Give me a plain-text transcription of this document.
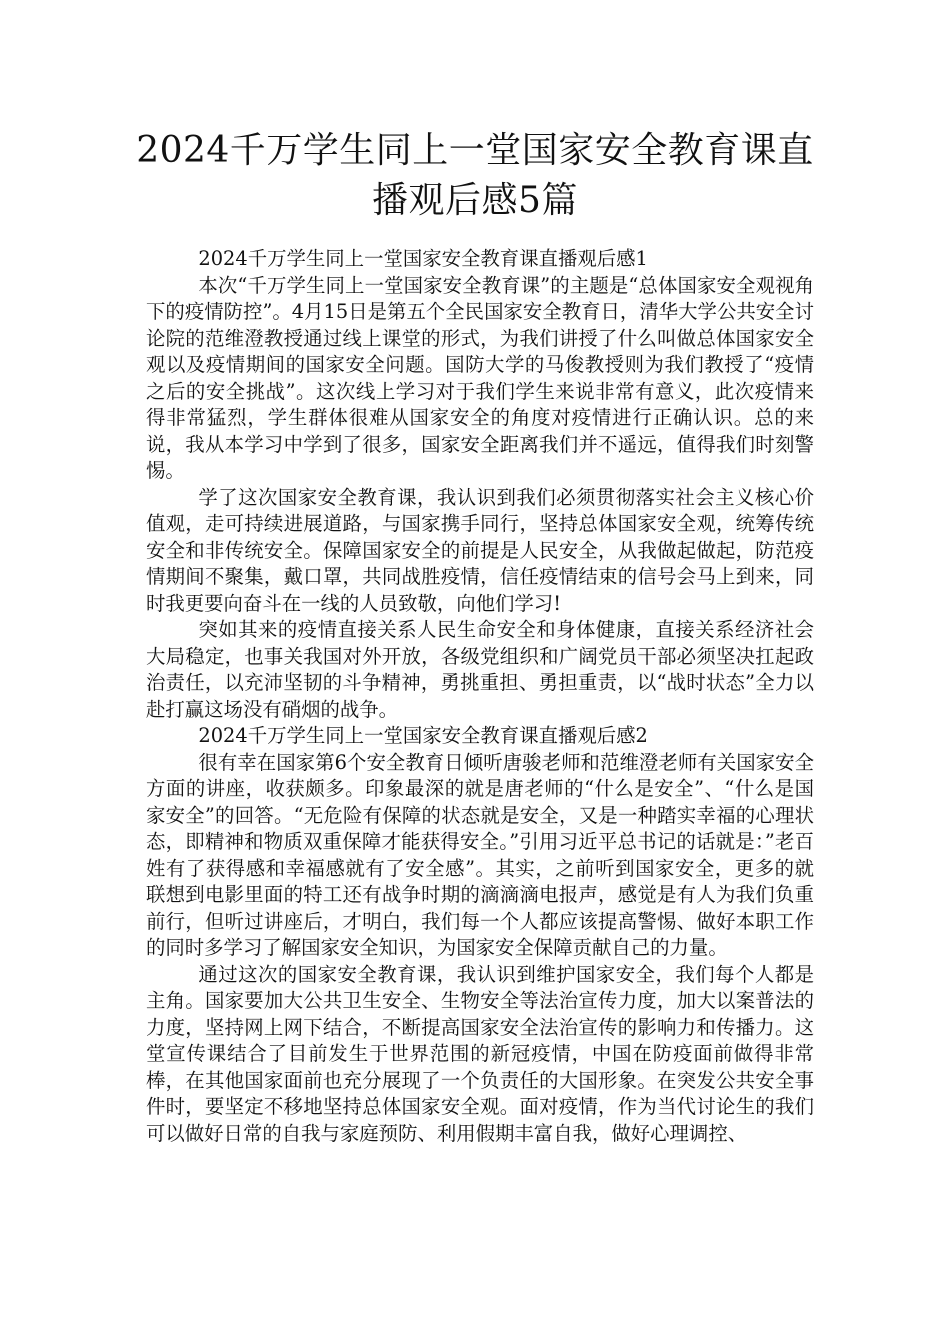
2024千万学生同上一堂国家安全教育课直
播观后感5篇

2024千万学生同上一堂国家安全教育课直播观后感1

本次“千万学生同上一堂国家安全教育课”的主题是“总体国家安全观视角下的疫情防控”。4月15日是第五个全民国家安全教育日，清华大学公共安全讨论院的范维澄教授通过线上课堂的形式，为我们讲授了什么叫做总体国家安全观以及疫情期间的国家安全问题。国防大学的马俊教授则为我们教授了“疫情之后的安全挑战”。这次线上学习对于我们学生来说非常有意义，此次疫情来得非常猛烈，学生群体很难从国家安全的角度对疫情进行正确认识。总的来说，我从本学习中学到了很多，国家安全距离我们并不遥远，值得我们时刻警惕。

学了这次国家安全教育课，我认识到我们必须贯彻落实社会主义核心价值观，走可持续进展道路，与国家携手同行，坚持总体国家安全观，统筹传统安全和非传统安全。保障国家安全的前提是人民安全，从我做起做起，防范疫情期间不聚集，戴口罩，共同战胜疫情，信任疫情结束的信号会马上到来，同时我更要向奋斗在一线的人员致敬，向他们学习!

突如其来的疫情直接关系人民生命安全和身体健康，直接关系经济社会大局稳定，也事关我国对外开放，各级党组织和广阔党员干部必须坚决扛起政治责任，以充沛坚韧的斗争精神，勇挑重担、勇担重责，以“战时状态”全力以赴打赢这场没有硝烟的战争。

2024千万学生同上一堂国家安全教育课直播观后感2

很有幸在国家第6个安全教育日倾听唐骏老师和范维澄老师有关国家安全方面的讲座，收获颇多。印象最深的就是唐老师的“什么是安全”、“什么是国家安全”的回答。“无危险有保障的状态就是安全，又是一种踏实幸福的心理状态，即精神和物质双重保障才能获得安全。”引用习近平总书记的话就是：”老百姓有了获得感和幸福感就有了安全感”。其实，之前听到国家安全，更多的就联想到电影里面的特工还有战争时期的滴滴滴电报声，感觉是有人为我们负重前行，但听过讲座后，才明白，我们每一个人都应该提高警惕、做好本职工作的同时多学习了解国家安全知识，为国家安全保障贡献自己的力量。

通过这次的国家安全教育课，我认识到维护国家安全，我们每个人都是主角。国家要加大公共卫生安全、生物安全等法治宣传力度，加大以案普法的力度，坚持网上网下结合，不断提高国家安全法治宣传的影响力和传播力。这堂宣传课结合了目前发生于世界范围的新冠疫情，中国在防疫面前做得非常棒，在其他国家面前也充分展现了一个负责任的大国形象。在突发公共安全事件时，要坚定不移地坚持总体国家安全观。面对疫情，作为当代讨论生的我们可以做好日常的自我与家庭预防、利用假期丰富自我，做好心理调控、
